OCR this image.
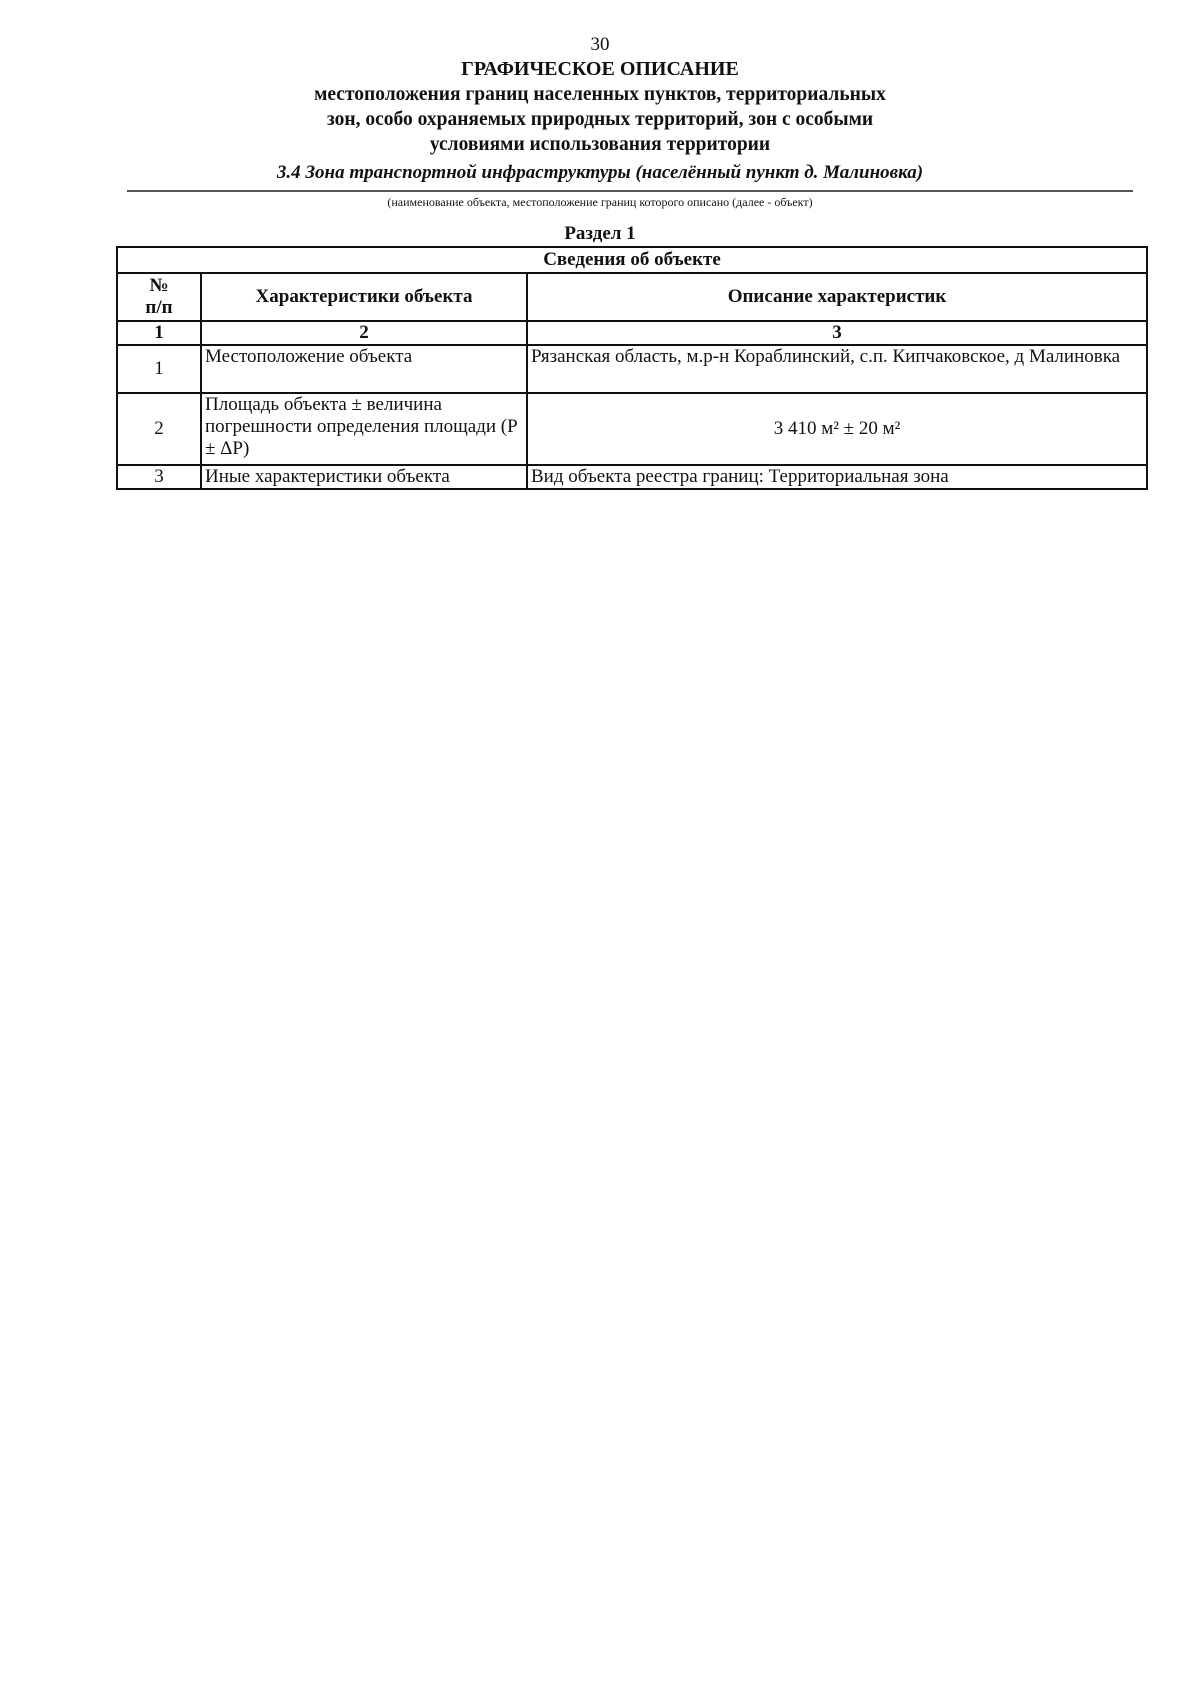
30
ГРАФИЧЕСКОЕ ОПИСАНИЕ
местоположения границ населенных пунктов, территориальных
зон, особо охраняемых природных территорий, зон с особыми
условиями использования территории
3.4 Зона транспортной инфраструктуры (населённый пункт д. Малиновка)
(наименование объекта, местоположение границ которого описано (далее - объект)
Раздел 1
Сведения об объекте		
№
п/п	Характеристики объекта	Описание характеристик
1	2	3
1	Местоположение объекта	Рязанская область, м.р-н Кораблинский, с.п. Кипчаковское, д Малиновка
2	Площадь объекта ± величина погрешности определения площади (P ± ΔP)	3 410 м² ± 20 м²
3	Иные характеристики объекта	Вид объекта реестра границ: Территориальная зона
